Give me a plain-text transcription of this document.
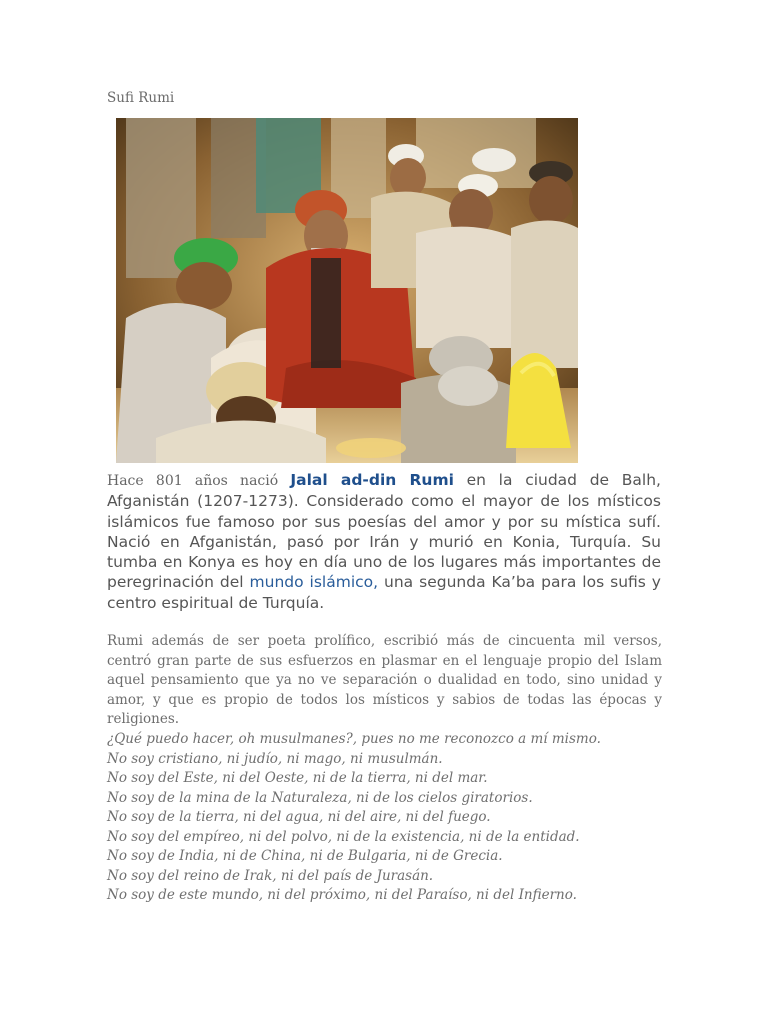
Sufi Rumi

Hace 801 años nació Jalal ad-din Rumi en la ciudad de Balh, Afganistán (1207-1273). Considerado como el mayor de los místicos islámicos fue famoso por sus poesías del amor y por su mística sufí. Nació en Afganistán, pasó por Irán y murió en Konia, Turquía. Su tumba en Konya es hoy en día uno de los lugares más importantes de peregrinación del mundo islámico, una segunda Ka’ba para los sufis y centro espiritual de Turquía.

Rumi además de ser poeta prolífico, escribió más de cincuenta mil versos, centró gran parte de sus esfuerzos en plasmar en el lenguaje propio del Islam aquel pensamiento que ya no ve separación o dualidad en todo, sino unidad y amor, y que es propio de todos los místicos y sabios de todas las épocas y religiones.

¿Qué puedo hacer, oh musulmanes?, pues no me reconozco a mí mismo.
No soy cristiano, ni judío, ni mago, ni musulmán.
No soy del Este, ni del Oeste, ni de la tierra, ni del mar.
No soy de la mina de la Naturaleza, ni de los cielos giratorios.
No soy de la tierra, ni del agua, ni del aire, ni del fuego.
No soy del empíreo, ni del polvo, ni de la existencia, ni de la entidad.
No soy de India, ni de China, ni de Bulgaria, ni de Grecia.
No soy del reino de Irak, ni del país de Jurasán.
No soy de este mundo, ni del próximo, ni del Paraíso, ni del Infierno.
